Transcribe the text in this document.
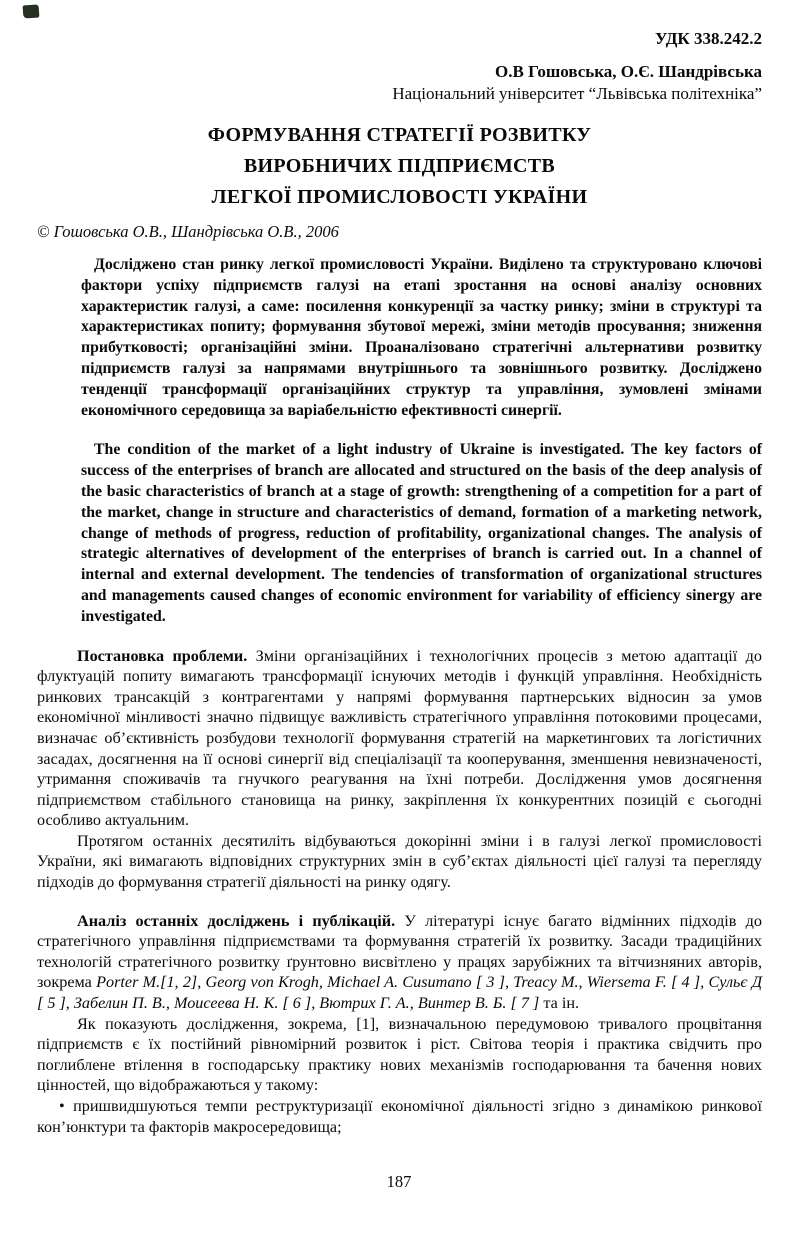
УДК 338.242.2
О.В Гошовська, О.Є. Шандрівська
Національний університет “Львівська політехніка”
ФОРМУВАННЯ СТРАТЕГІЇ РОЗВИТКУ
ВИРОБНИЧИХ ПІДПРИЄМСТВ
ЛЕГКОЇ ПРОМИСЛОВОСТІ УКРАЇНИ
© Гошовська О.В., Шандрівська О.В., 2006

Досліджено стан ринку легкої промисловості України. Виділено та структуровано ключові фактори успіху підприємств галузі на етапі зростання на основі аналізу основних характеристик галузі, а саме: посилення конкуренції за частку ринку; зміни в структурі та характеристиках попиту; формування збутової мережі, зміни методів просування; зниження прибутковості; організаційні зміни. Проаналізовано стратегічні альтернативи розвитку підприємств галузі за напрямами внутрішнього та зовнішнього розвитку. Досліджено тенденції трансформації організаційних структур та управління, зумовлені змінами економічного середовища за варіабельністю ефективності синергії.

The condition of the market of a light industry of Ukraine is investigated. The key factors of success of the enterprises of branch are allocated and structured on the basis of the deep analysis of the basic characteristics of branch at a stage of growth: strengthening of a competition for a part of the market, change in structure and characteristics of demand, formation of a marketing network, change of methods of progress, reduction of profitability, organizational changes. The analysis of strategic alternatives of development of the enterprises of branch is carried out. In a channel of internal and external development. The tendencies of transformation of organizational structures and managements caused changes of economic environment for variability of efficiency sinergy are investigated.

Постановка проблеми. Зміни організаційних і технологічних процесів з метою адаптації до флуктуацій попиту вимагають трансформації існуючих методів і функцій управління. Необхідність ринкових трансакцій з контрагентами у напрямі формування партнерських відносин за умов економічної мінливості значно підвищує важливість стратегічного управління потоковими процесами, визначає об’єктивність розбудови технології формування стратегій на маркетингових та логістичних засадах, досягнення на її основі синергії від спеціалізації та кооперування, зменшення невизначеності, утримання споживачів та гнучкого реагування на їхні потреби. Дослідження умов досягнення підприємством стабільного становища на ринку, закріплення їх конкурентних позицій є сьогодні особливо актуальним.

Протягом останніх десятиліть відбуваються докорінні зміни і в галузі легкої промисловості України, які вимагають відповідних структурних змін в суб’єктах діяльності цієї галузі та перегляду підходів до формування стратегії діяльності на ринку одягу.

Аналіз останніх досліджень і публікацій. У літературі існує багато відмінних підходів до стратегічного управління підприємствами та формування стратегій їх розвитку. Засади традиційних технологій стратегічного розвитку ґрунтовно висвітлено у працях зарубіжних та вітчизняних авторів, зокрема Porter M.[1, 2], Georg von Krogh, Michael A. Cusumano [ 3 ], Treacy M., Wiersema F. [ 4 ], Сульє Д [ 5 ], Забелин П. В., Моисеева Н. К. [ 6 ], Вютрих Г. А., Винтер В. Б. [ 7 ] та ін.

Як показують дослідження, зокрема, [1], визначальною передумовою тривалого процвітання підприємств є їх постійний рівномірний розвиток і ріст. Світова теорія і практика свідчить про поглиблене втілення в господарську практику нових механізмів господарювання та бачення нових цінностей, що відображаються у такому:

• пришвидшуються темпи реструктуризації економічної діяльності згідно з динамікою ринкової кон’юнктури та факторів макросередовища;

187
